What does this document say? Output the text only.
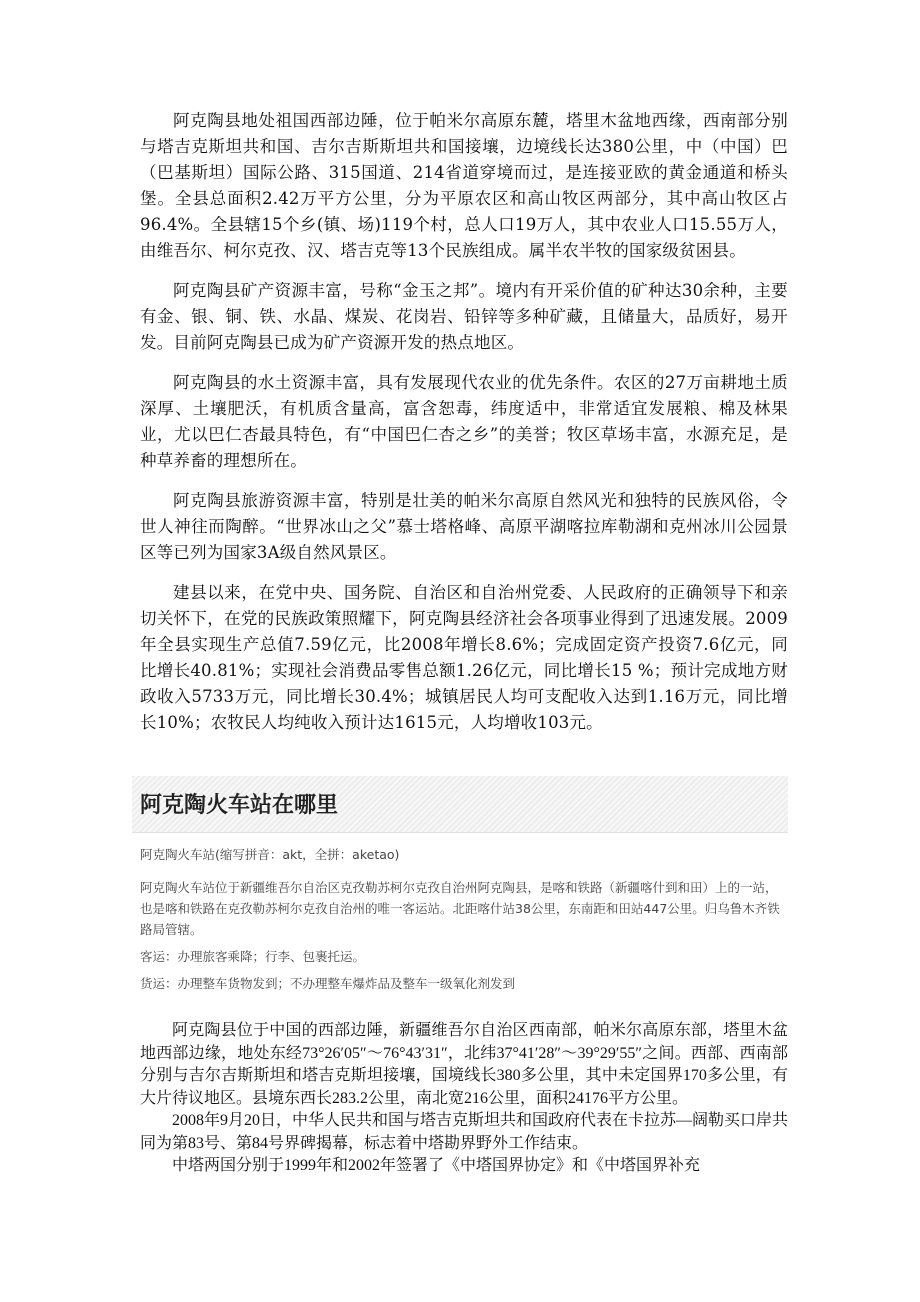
阿克陶县地处祖国西部边陲，位于帕米尔高原东麓，塔里木盆地西缘，西南部分别与塔吉克斯坦共和国、吉尔吉斯斯坦共和国接壤，边境线长达380公里，中（中国）巴（巴基斯坦）国际公路、315国道、214省道穿境而过，是连接亚欧的黄金通道和桥头堡。全县总面积2.42万平方公里，分为平原农区和高山牧区两部分，其中高山牧区占96.4%。全县辖15个乡(镇、场)119个村，总人口19万人，其中农业人口15.55万人，由维吾尔、柯尔克孜、汉、塔吉克等13个民族组成。属半农半牧的国家级贫困县。

阿克陶县矿产资源丰富，号称“金玉之邦”。境内有开采价值的矿种达30余种，主要有金、银、铜、铁、水晶、煤炭、花岗岩、铅锌等多种矿藏，且储量大，品质好，易开发。目前阿克陶县已成为矿产资源开发的热点地区。

阿克陶县的水土资源丰富，具有发展现代农业的优先条件。农区的27万亩耕地土质深厚、土壤肥沃，有机质含量高，富含恕毒，纬度适中，非常适宜发展粮、棉及林果业，尤以巴仁杏最具特色，有“中国巴仁杏之乡”的美誉；牧区草场丰富，水源充足，是种草养畜的理想所在。

阿克陶县旅游资源丰富，特别是壮美的帕米尔高原自然风光和独特的民族风俗，令世人神往而陶醉。“世界冰山之父”慕士塔格峰、高原平湖喀拉库勒湖和克州冰川公园景区等已列为国家3A级自然风景区。

建县以来，在党中央、国务院、自治区和自治州党委、人民政府的正确领导下和亲切关怀下，在党的民族政策照耀下，阿克陶县经济社会各项事业得到了迅速发展。2009年全县实现生产总值7.59亿元，比2008年增长8.6%；完成固定资产投资7.6亿元，同比增长40.81%；实现社会消费品零售总额1.26亿元，同比增长15 %；预计完成地方财政收入5733万元，同比增长30.4%；城镇居民人均可支配收入达到1.16万元，同比增长10%；农牧民人均纯收入预计达1615元，人均增收103元。

阿克陶火车站在哪里

阿克陶火车站(缩写拼音：akt，全拼：aketao)

阿克陶火车站位于新疆维吾尔自治区克孜勒苏柯尔克孜自治州阿克陶县，是喀和铁路（新疆喀什到和田）上的一站，也是喀和铁路在克孜勒苏柯尔克孜自治州的唯一客运站。北距喀什站38公里，东南距和田站447公里。归乌鲁木齐铁路局管辖。

客运：办理旅客乘降；行李、包裹托运。

货运：办理整车货物发到；不办理整车爆炸品及整车一级氧化剂发到

阿克陶县位于中国的西部边陲，新疆维吾尔自治区西南部，帕米尔高原东部，塔里木盆地西部边缘，地处东经73°26′05″～76°43′31″，北纬37°41′28″～39°29′55″之间。西部、西南部分别与吉尔吉斯斯坦和塔吉克斯坦接壤，国境线长380多公里，其中未定国界170多公里，有大片待议地区。县境东西长283.2公里，南北宽216公里，面积24176平方公里。

2008年9月20日，中华人民共和国与塔吉克斯坦共和国政府代表在卡拉苏—阔勒买口岸共同为第83号、第84号界碑揭幕，标志着中塔勘界野外工作结束。

中塔两国分别于1999年和2002年签署了《中塔国界协定》和《中塔国界补充
